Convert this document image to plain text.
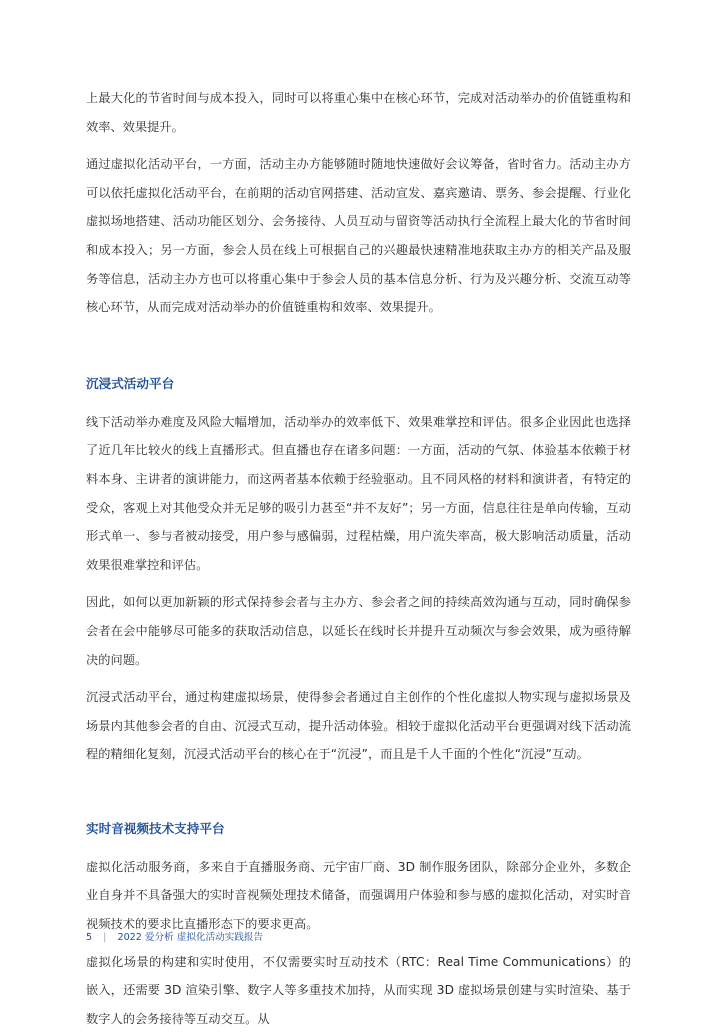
上最大化的节省时间与成本投入，同时可以将重心集中在核心环节，完成对活动举办的价值链重构和效率、效果提升。

通过虚拟化活动平台，一方面，活动主办方能够随时随地快速做好会议筹备，省时省力。活动主办方可以依托虚拟化活动平台，在前期的活动官网搭建、活动宣发、嘉宾邀请、票务、参会提醒、行业化虚拟场地搭建、活动功能区划分、会务接待、人员互动与留资等活动执行全流程上最大化的节省时间和成本投入；另一方面，参会人员在线上可根据自己的兴趣最快速精准地获取主办方的相关产品及服务等信息，活动主办方也可以将重心集中于参会人员的基本信息分析、行为及兴趣分析、交流互动等核心环节，从而完成对活动举办的价值链重构和效率、效果提升。

沉浸式活动平台

线下活动举办难度及风险大幅增加，活动举办的效率低下、效果难掌控和评估。很多企业因此也选择了近几年比较火的线上直播形式。但直播也存在诸多问题：一方面，活动的气氛、体验基本依赖于材料本身、主讲者的演讲能力，而这两者基本依赖于经验驱动。且不同风格的材料和演讲者，有特定的受众，客观上对其他受众并无足够的吸引力甚至“并不友好”；另一方面，信息往往是单向传输，互动形式单一、参与者被动接受，用户参与感偏弱，过程枯燥，用户流失率高，极大影响活动质量，活动效果很难掌控和评估。

因此，如何以更加新颖的形式保持参会者与主办方、参会者之间的持续高效沟通与互动，同时确保参会者在会中能够尽可能多的获取活动信息，以延长在线时长并提升互动频次与参会效果，成为亟待解决的问题。

沉浸式活动平台，通过构建虚拟场景，使得参会者通过自主创作的个性化虚拟人物实现与虚拟场景及场景内其他参会者的自由、沉浸式互动，提升活动体验。相较于虚拟化活动平台更强调对线下活动流程的精细化复刻，沉浸式活动平台的核心在于“沉浸”，而且是千人千面的个性化“沉浸”互动。

实时音视频技术支持平台

虚拟化活动服务商，多来自于直播服务商、元宇宙厂商、3D 制作服务团队，除部分企业外，多数企业自身并不具备强大的实时音视频处理技术储备，而强调用户体验和参与感的虚拟化活动，对实时音视频技术的要求比直播形态下的要求更高。

虚拟化场景的构建和实时使用，不仅需要实时互动技术（RTC：Real Time Communications）的嵌入，还需要 3D 渲染引擎、数字人等多重技术加持，从而实现 3D 虚拟场景创建与实时渲染、基于数字人的会务接待等互动交互。从

5 | 2022 爱分析 虚拟化活动实践报告
